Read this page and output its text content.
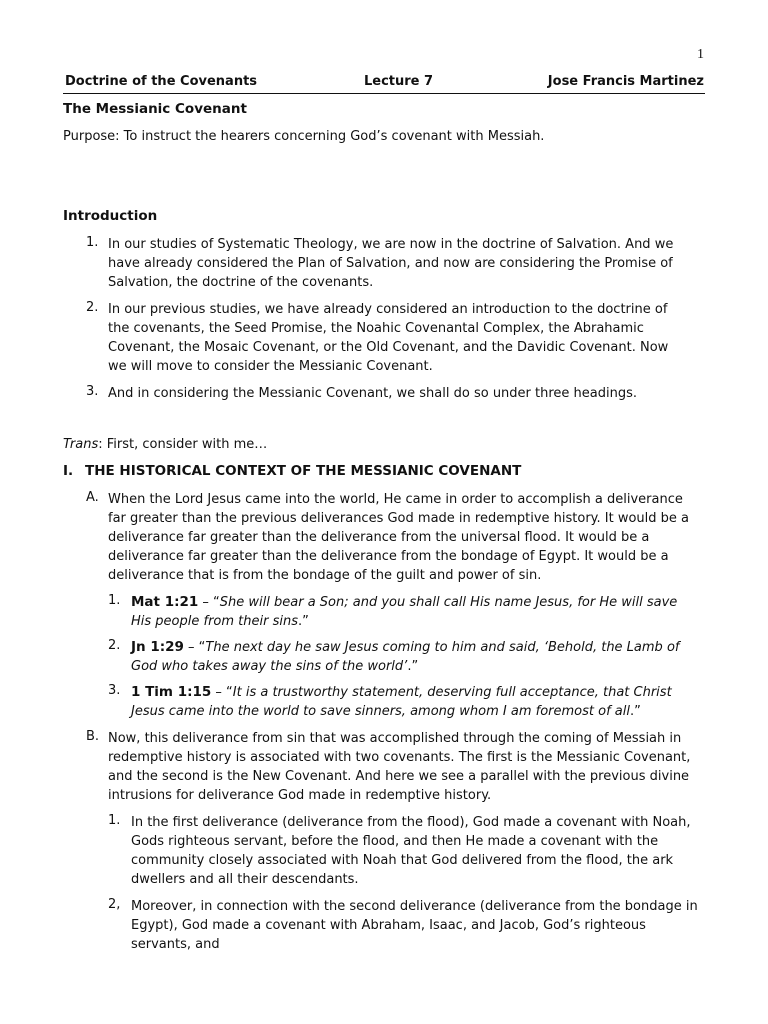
1
Doctrine of the Covenants	Lecture 7	Jose Francis Martinez
The Messianic Covenant
Purpose: To instruct the hearers concerning God’s covenant with Messiah.
Introduction
1. In our studies of Systematic Theology, we are now in the doctrine of Salvation. And we have already considered the Plan of Salvation, and now are considering the Promise of Salvation, the doctrine of the covenants.
2. In our previous studies, we have already considered an introduction to the doctrine of the covenants, the Seed Promise, the Noahic Covenantal Complex, the Abrahamic Covenant, the Mosaic Covenant, or the Old Covenant, and the Davidic Covenant. Now we will move to consider the Messianic Covenant.
3. And in considering the Messianic Covenant, we shall do so under three headings.
Trans: First, consider with me…
I. THE HISTORICAL CONTEXT OF THE MESSIANIC COVENANT
A. When the Lord Jesus came into the world, He came in order to accomplish a deliverance far greater than the previous deliverances God made in redemptive history. It would be a deliverance far greater than the deliverance from the universal flood. It would be a deliverance far greater than the deliverance from the bondage of Egypt. It would be a deliverance that is from the bondage of the guilt and power of sin.
1. Mat 1:21 – “She will bear a Son; and you shall call His name Jesus, for He will save His people from their sins.”
2. Jn 1:29 – “The next day he saw Jesus coming to him and said, ‘Behold, the Lamb of God who takes away the sins of the world’.”
3. 1 Tim 1:15 – “It is a trustworthy statement, deserving full acceptance, that Christ Jesus came into the world to save sinners, among whom I am foremost of all.”
B. Now, this deliverance from sin that was accomplished through the coming of Messiah in redemptive history is associated with two covenants. The first is the Messianic Covenant, and the second is the New Covenant. And here we see a parallel with the previous divine intrusions for deliverance God made in redemptive history.
1. In the first deliverance (deliverance from the flood), God made a covenant with Noah, Gods righteous servant, before the flood, and then He made a covenant with the community closely associated with Noah that God delivered from the flood, the ark dwellers and all their descendants.
2, Moreover, in connection with the second deliverance (deliverance from the bondage in Egypt), God made a covenant with Abraham, Isaac, and Jacob, God’s righteous servants, and
